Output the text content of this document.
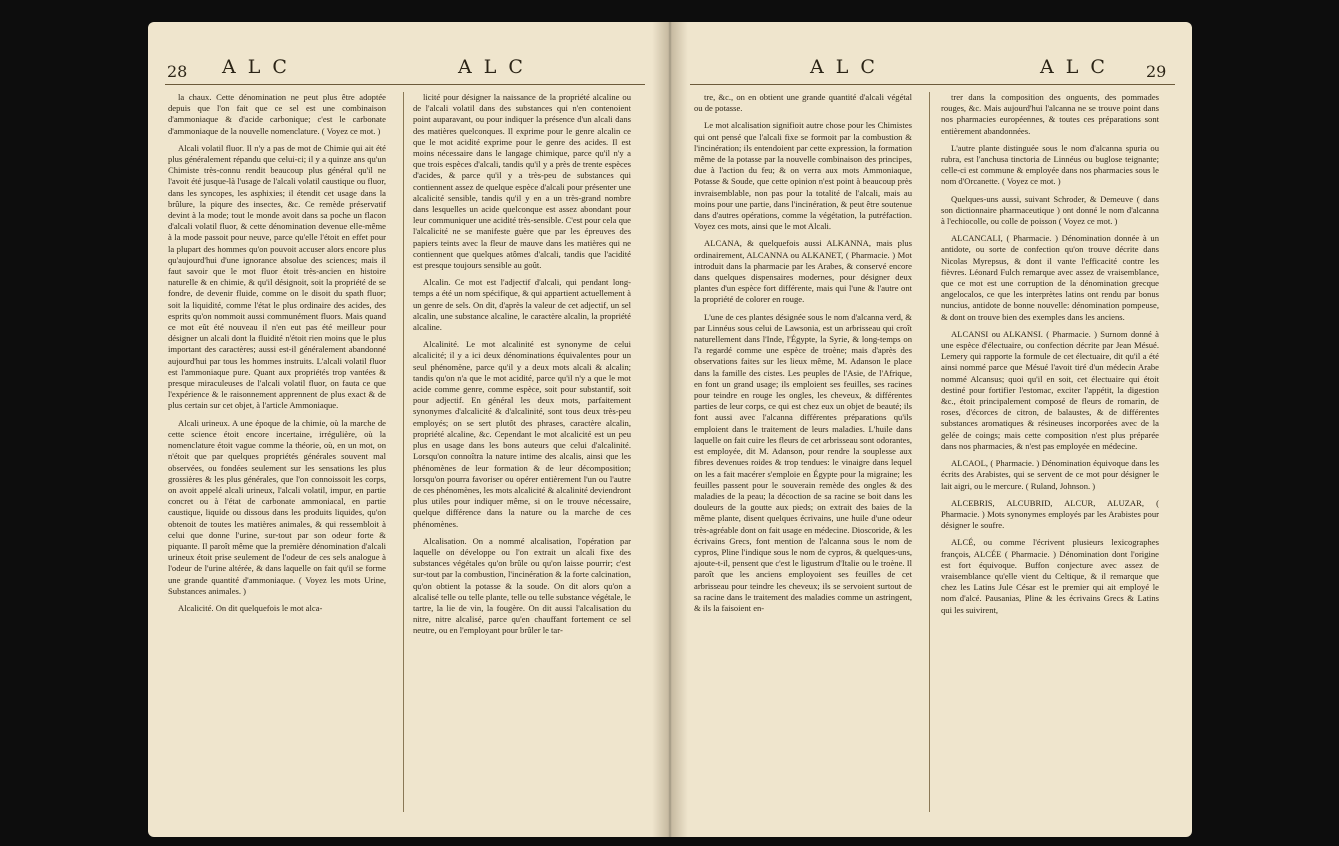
28 A L C	A L C

la chaux. Cette dénomination ne peut plus être adoptée depuis que l'on fait que ce sel est une combinaison d'ammoniaque & d'acide carbonique; c'est le carbonate d'ammoniaque de la nouvelle nomenclature. ( Voyez ce mot. )

Alcali volatil fluor. Il n'y a pas de mot de Chimie qui ait été plus généralement répandu que celui-ci; il y a quinze ans qu'un Chimiste très-connu rendit beaucoup plus général qu'il ne l'avoit été jusque-là l'usage de l'alcali volatil caustique ou fluor, dans les syncopes, les asphixies; il étendit cet usage dans la brûlure, la piqure des insectes, &c. Ce remède préservatif devint à la mode; tout le monde avoit dans sa poche un flacon d'alcali volatil fluor, & cette dénomination devenue elle-même à la mode passoit pour neuve, parce qu'elle l'étoit en effet pour la plupart des hommes qu'on pouvoit accuser alors encore plus qu'aujourd'hui d'une ignorance absolue des sciences; mais il faut savoir que le mot fluor étoit très-ancien en histoire naturelle & en chimie, & qu'il désignoit, soit la propriété de se fondre, de devenir fluide, comme on le disoit du spath fluor; soit la liquidité, comme l'état le plus ordinaire des acides, des esprits qu'on nommoit aussi communément fluors. Mais quand ce mot eût été nouveau il n'en eut pas été meilleur pour désigner un alcali dont la fluidité n'étoit rien moins que le plus important des caractères; aussi est-il généralement abandonné aujourd'hui par tous les hommes instruits. L'alcali volatil fluor est l'ammoniaque pure. Quant aux propriétés trop vantées & presque miraculeuses de l'alcali volatil fluor, on fauta ce que l'expérience & le raisonnement apprennent de plus exact & de plus certain sur cet objet, à l'article Ammoniaque.

Alcali urineux. A une époque de la chimie, où la marche de cette science étoit encore incertaine, irrégulière, où la nomenclature étoit vague comme la théorie, où, en un mot, on n'étoit que par quelques propriétés générales souvent mal observées, ou fondées seulement sur les sensations les plus grossières & les plus générales, que l'on connoissoit les corps, on avoit appelé alcali urineux, l'alcali volatil, impur, en partie concret ou à l'état de carbonate ammoniacal, en partie caustique, liquide ou dissous dans les produits liquides, qu'on obtenoit de toutes les matières animales, & qui ressembloit à celui que donne l'urine, sur-tout par son odeur forte & piquante. Il paroît même que la première dénomination d'alcali urineux étoit prise seulement de l'odeur de ces sels analogue à l'odeur de l'urine altérée, & dans laquelle on fait qu'il se forme une grande quantité d'ammoniaque. ( Voyez les mots Urine, Substances animales. )

Alcalicité. On dit quelquefois le mot alca-

licité pour désigner la naissance de la propriété alcaline ou de l'alcali volatil dans des substances qui n'en contenoient point auparavant, ou pour indiquer la présence d'un alcali dans des matières quelconques. Il exprime pour le genre alcalin ce que le mot acidité exprime pour le genre des acides. Il est moins nécessaire dans le langage chimique, parce qu'il n'y a que trois espèces d'alcali, tandis qu'il y a près de trente espèces d'acides, & parce qu'il y a très-peu de substances qui contiennent assez de quelque espèce d'alcali pour présenter une alcalicité sensible, tandis qu'il y en a un très-grand nombre dans lesquelles un acide quelconque est assez abondant pour leur communiquer une acidité très-sensible. C'est pour cela que l'alcalicité ne se manifeste guère que par les épreuves des papiers teints avec la fleur de mauve dans les matières qui ne contiennent que quelques atômes d'alcali, tandis que l'acidité est presque toujours sensible au goût.

Alcalin. Ce mot est l'adjectif d'alcali, qui pendant long-temps a été un nom spécifique, & qui appartient actuellement à un genre de sels. On dit, d'après la valeur de cet adjectif, un sel alcalin, une substance alcaline, le caractère alcalin, la propriété alcaline.

Alcalinité. Le mot alcalinité est synonyme de celui alcalicité; il y a ici deux dénominations équivalentes pour un seul phénomène, parce qu'il y a deux mots alcali & alcalin; tandis qu'on n'a que le mot acidité, parce qu'il n'y a que le mot acide comme genre, comme espèce, soit pour substantif, soit pour adjectif. En général les deux mots, parfaitement synonymes d'alcalicité & d'alcalinité, sont tous deux très-peu employés; on se sert plutôt des phrases, caractère alcalin, propriété alcaline, &c. Cependant le mot alcalicité est un peu plus en usage dans les bons auteurs que celui d'alcalinité. Lorsqu'on connoîtra la nature intime des alcalis, ainsi que les phénomènes de leur formation & de leur décomposition; lorsqu'on pourra favoriser ou opérer entièrement l'un ou l'autre de ces phénomènes, les mots alcalicité & alcalinité deviendront plus utiles pour indiquer même, si on le trouve nécessaire, quelque différence dans la nature ou la marche de ces phénomènes.

Alcalisation. On a nommé alcalisation, l'opération par laquelle on développe ou l'on extrait un alcali fixe des substances végétales qu'on brûle ou qu'on laisse pourrir; c'est sur-tout par la combustion, l'incinération & la forte calcination, qu'on obtient la potasse & la soude. On dit alors qu'on a alcalisé telle ou telle plante, telle ou telle substance végétale, le tartre, la lie de vin, la fougère. On dit aussi l'alcalisation du nitre, nitre alcalisé, parce qu'en chauffant fortement ce sel neutre, ou en l'employant pour brûler le tar-

A L C	A L C 29

tre, &c., on en obtient une grande quantité d'alcali végétal ou de potasse.

Le mot alcalisation signifioit autre chose pour les Chimistes qui ont pensé que l'alcali fixe se formoit par la combustion & l'incinération; ils entendoient par cette expression, la formation même de la potasse par la nouvelle combinaison des principes, due à l'action du feu; & on verra aux mots Ammoniaque, Potasse & Soude, que cette opinion n'est point à beaucoup près invraisemblable, non pas pour la totalité de l'alcali, mais au moins pour une partie, dans l'incinération, & peut être soutenue dans d'autres opérations, comme la végétation, la putréfaction. Voyez ces mots, ainsi que le mot Alcali.

ALCANA, & quelquefois aussi ALKANNA, mais plus ordinairement, ALCANNA ou ALKANET, ( Pharmacie. ) Mot introduit dans la pharmacie par les Arabes, & conservé encore dans quelques dispensaires modernes, pour désigner deux plantes d'un espèce fort différente, mais qui l'une & l'autre ont la propriété de colorer en rouge.

L'une de ces plantes désignée sous le nom d'alcanna verd, & par Linnéus sous celui de Lawsonia, est un arbrisseau qui croît naturellement dans l'Inde, l'Égypte, la Syrie, & long-temps on l'a regardé comme une espèce de troène; mais d'après des observations faites sur les lieux même, M. Adanson le place dans la famille des cistes. Les peuples de l'Asie, de l'Afrique, en font un grand usage; ils emploient ses feuilles, ses racines pour teindre en rouge les ongles, les cheveux, & différentes parties de leur corps, ce qui est chez eux un objet de beauté; ils font aussi avec l'alcanna différentes préparations qu'ils emploient dans le traitement de leurs maladies. L'huile dans laquelle on fait cuire les fleurs de cet arbrisseau sont odorantes, est employée, dit M. Adanson, pour rendre la souplesse aux fibres devenues roides & trop tendues: le vinaigre dans lequel on les a fait macérer s'emploie en Égypte pour la migraine; les feuilles passent pour le souverain remède des ongles & des maladies de la peau; la décoction de sa racine se boit dans les douleurs de la goutte aux pieds; on extrait des baies de la même plante, disent quelques écrivains, une huile d'une odeur très-agréable dont on fait usage en médecine. Dioscoride, & les écrivains Grecs, font mention de l'alcanna sous le nom de cypros, Pline l'indique sous le nom de cypros, & quelques-uns, ajoute-t-il, pensent que c'est le ligustrum d'Italie ou le troène. Il paroît que les anciens employoient ses feuilles de cet arbrisseau pour teindre les cheveux; ils se servoient surtout de sa racine dans le traitement des maladies comme un astringent, & ils la faisoient en-

trer dans la composition des onguents, des pommades rouges, &c. Mais aujourd'hui l'alcanna ne se trouve point dans nos pharmacies européennes, & toutes ces préparations sont entièrement abandonnées.

L'autre plante distinguée sous le nom d'alcanna spuria ou rubra, est l'anchusa tinctoria de Linnéus ou buglose teignante; celle-ci est commune & employée dans nos pharmacies sous le nom d'Orcanette. ( Voyez ce mot. )

Quelques-uns aussi, suivant Schroder, & Demeuve ( dans son dictionnaire pharmaceutique ) ont donné le nom d'alcanna à l'echiocolle, ou colle de poisson ( Voyez ce mot. )

ALCANCALI, ( Pharmacie. ) Dénomination donnée à un antidote, ou sorte de confection qu'on trouve décrite dans Nicolas Myrepsus, & dont il vante l'efficacité contre les fièvres. Léonard Fulch remarque avec assez de vraisemblance, que ce mot est une corruption de la dénomination grecque angelocalos, ce que les interprètes latins ont rendu par bonus nuncius, antidote de bonne nouvelle: dénomination pompeuse, & dont on trouve bien des exemples dans les anciens.

ALCANSI ou ALKANSI. ( Pharmacie. ) Surnom donné à une espèce d'électuaire, ou confection décrite par Jean Mésué. Lemery qui rapporte la formule de cet électuaire, dit qu'il a été ainsi nommé parce que Mésué l'avoit tiré d'un médecin Arabe nommé Alcansus; quoi qu'il en soit, cet électuaire qui étoit destiné pour fortifier l'estomac, exciter l'appétit, la digestion &c., étoit principalement composé de fleurs de romarin, de roses, d'écorces de citron, de balaustes, & de différentes substances aromatiques & résineuses incorporées avec de la gelée de coings; mais cette composition n'est plus préparée dans nos pharmacies, & n'est pas employée en médecine.

ALCAOL, ( Pharmacie. ) Dénomination équivoque dans les écrits des Arabistes, qui se servent de ce mot pour désigner le lait aigri, ou le mercure. ( Ruland, Johnson. )

ALCEBRIS, ALCUBRID, ALCUR, ALUZAR, ( Pharmacie. ) Mots synonymes employés par les Arabistes pour désigner le soufre.

ALCÉ, ou comme l'écrivent plusieurs lexicographes françois, ALCÉE ( Pharmacie. ) Dénomination dont l'origine est fort équivoque. Buffon conjecture avec assez de vraisemblance qu'elle vient du Celtique, & il remarque que chez les Latins Jule César est le premier qui ait employé le nom d'alcé. Pausanias, Pline & les écrivains Grecs & Latins qui les suivirent,
